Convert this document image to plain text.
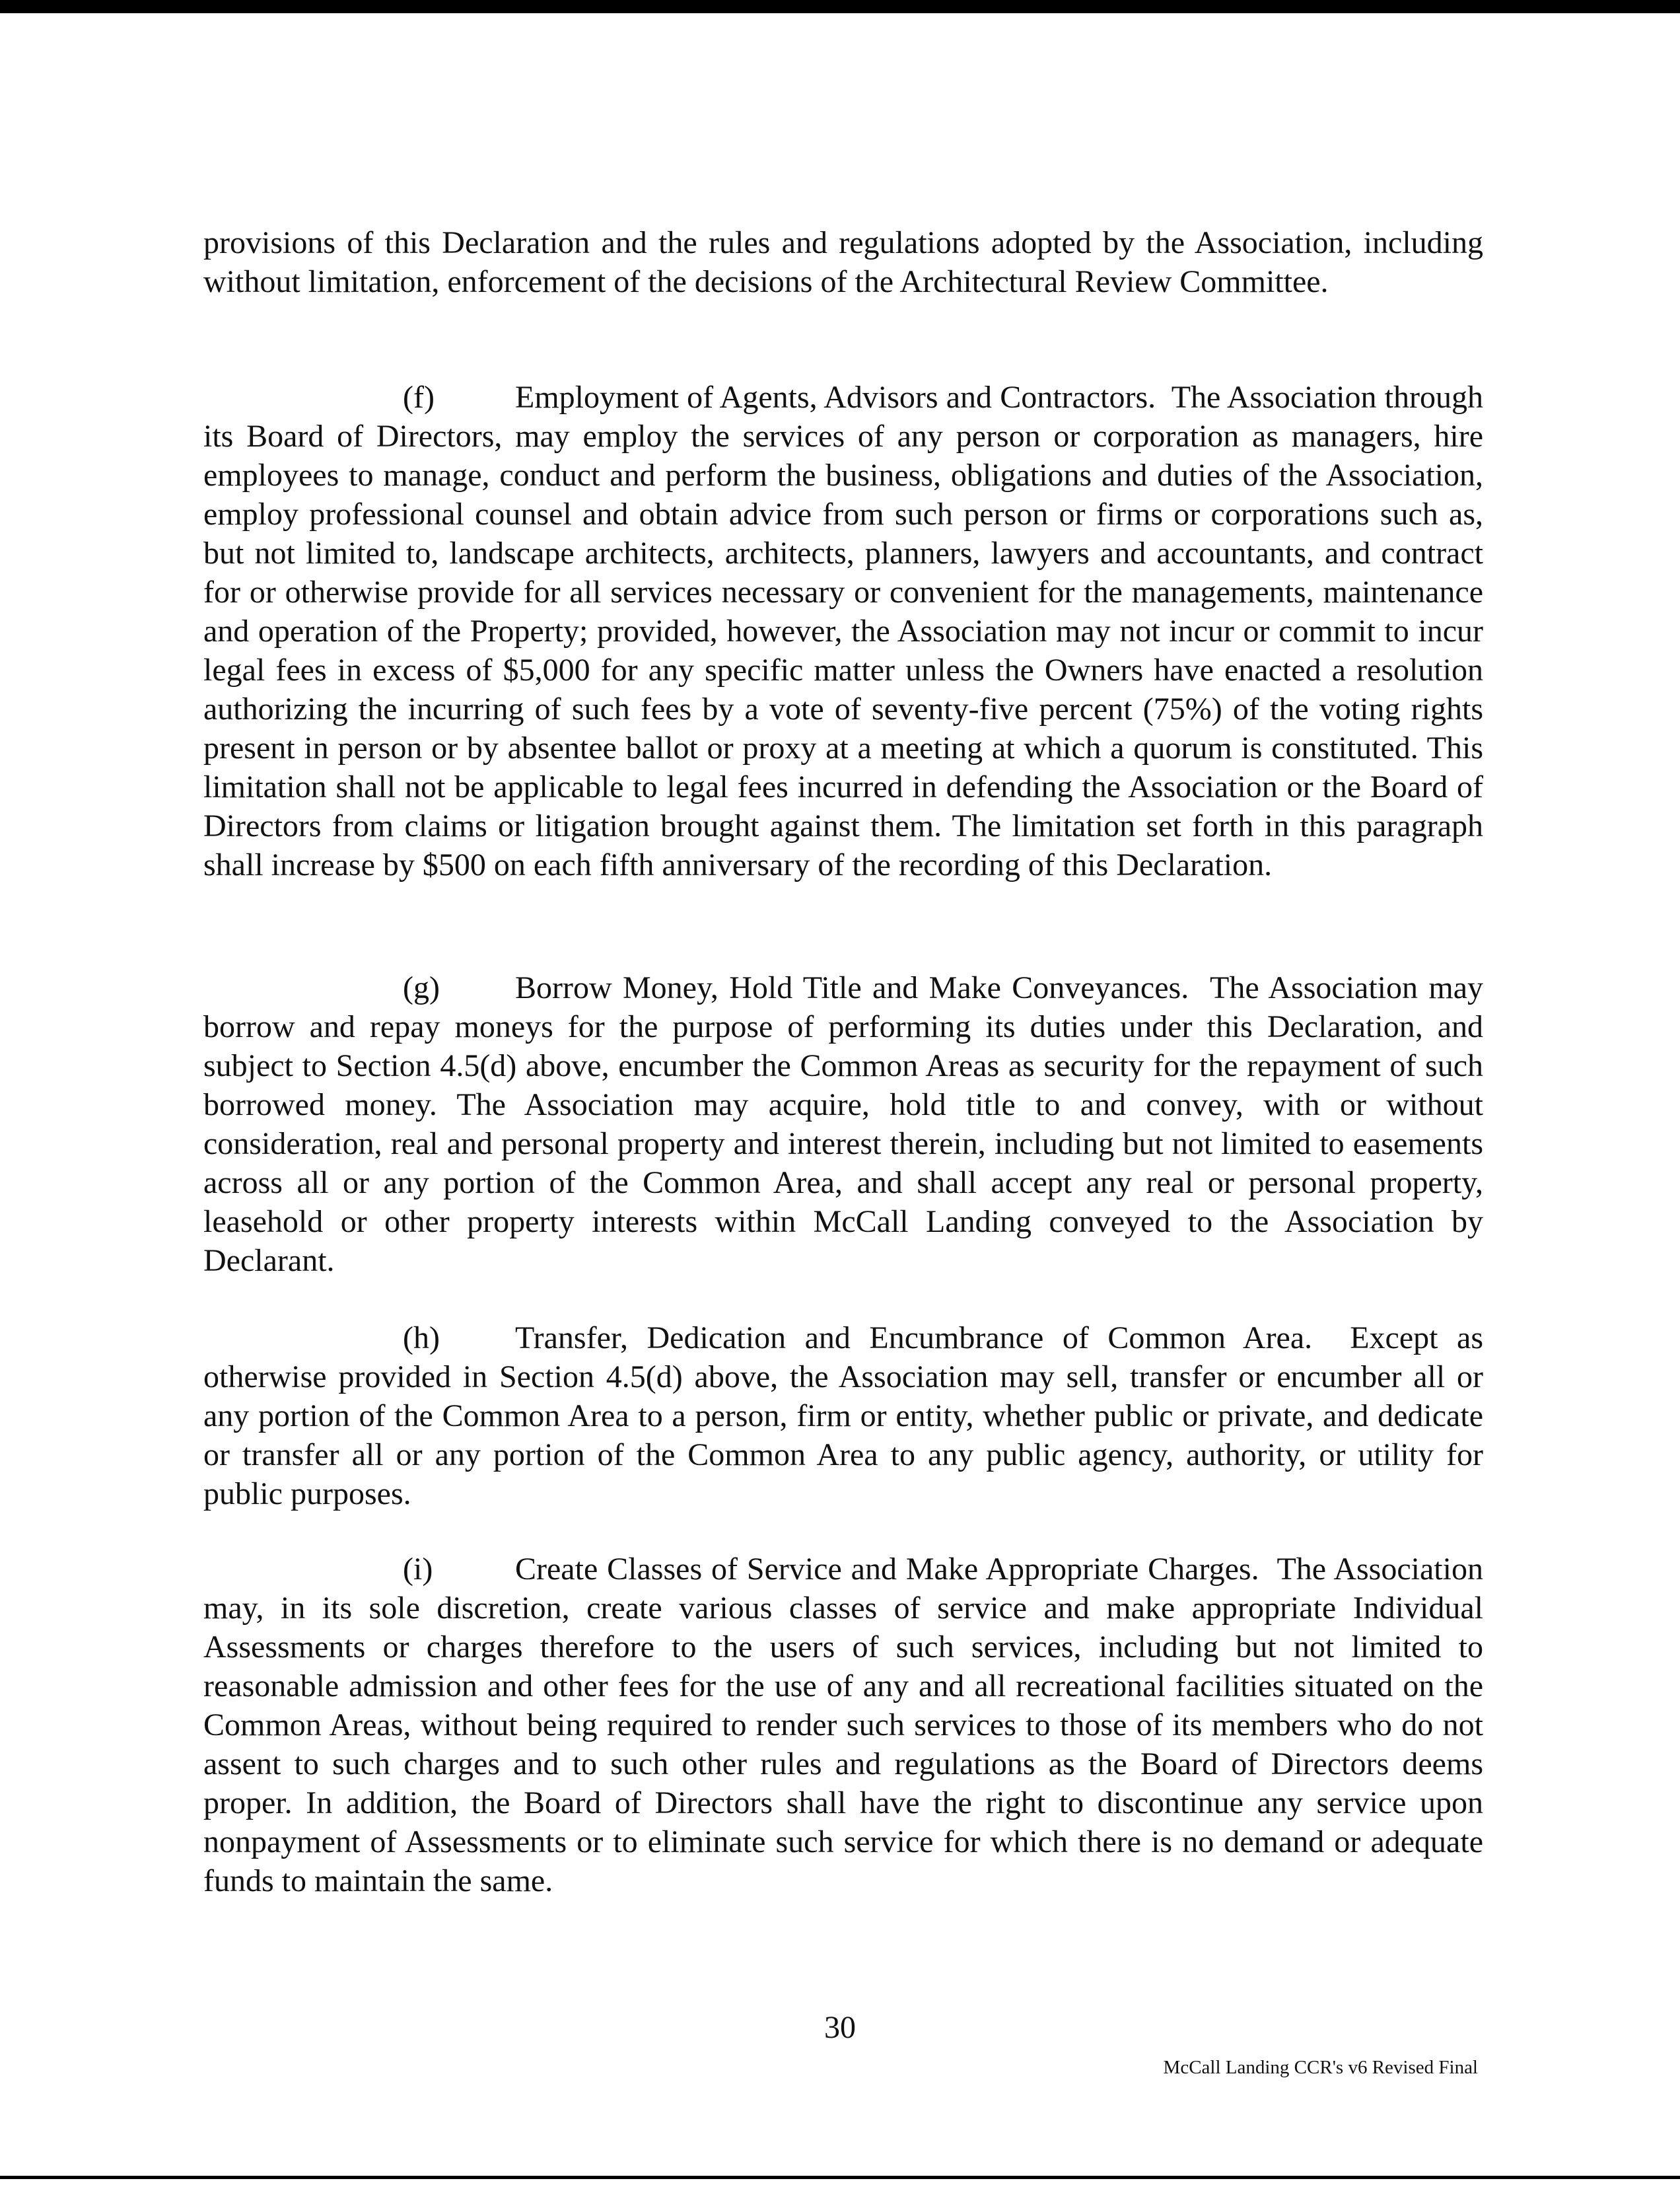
provisions of this Declaration and the rules and regulations adopted by the Association, including without limitation, enforcement of the decisions of the Architectural Review Committee.

(f)	Employment of Agents, Advisors and Contractors. The Association through its Board of Directors, may employ the services of any person or corporation as managers, hire employees to manage, conduct and perform the business, obligations and duties of the Association, employ professional counsel and obtain advice from such person or firms or corporations such as, but not limited to, landscape architects, architects, planners, lawyers and accountants, and contract for or otherwise provide for all services necessary or convenient for the managements, maintenance and operation of the Property; provided, however, the Association may not incur or commit to incur legal fees in excess of $5,000 for any specific matter unless the Owners have enacted a resolution authorizing the incurring of such fees by a vote of seventy-five percent (75%) of the voting rights present in person or by absentee ballot or proxy at a meeting at which a quorum is constituted. This limitation shall not be applicable to legal fees incurred in defending the Association or the Board of Directors from claims or litigation brought against them. The limitation set forth in this paragraph shall increase by $500 on each fifth anniversary of the recording of this Declaration.

(g) Borrow Money, Hold Title and Make Conveyances. The Association may borrow and repay moneys for the purpose of performing its duties under this Declaration, and subject to Section 4.5(d) above, encumber the Common Areas as security for the repayment of such borrowed money. The Association may acquire, hold title to and convey, with or without consideration, real and personal property and interest therein, including but not limited to easements across all or any portion of the Common Area, and shall accept any real or personal property, leasehold or other property interests within McCall Landing conveyed to the Association by Declarant.

(h) Transfer, Dedication and Encumbrance of Common Area. Except as otherwise provided in Section 4.5(d) above, the Association may sell, transfer or encumber all or any portion of the Common Area to a person, firm or entity, whether public or private, and dedicate or transfer all or any portion of the Common Area to any public agency, authority, or utility for public purposes.

(i)	Create Classes of Service and Make Appropriate Charges. The Association may, in its sole discretion, create various classes of service and make appropriate Individual Assessments or charges therefore to the users of such services, including but not limited to reasonable admission and other fees for the use of any and all recreational facilities situated on the Common Areas, without being required to render such services to those of its members who do not assent to such charges and to such other rules and regulations as the Board of Directors deems proper. In addition, the Board of Directors shall have the right to discontinue any service upon nonpayment of Assessments or to eliminate such service for which there is no demand or adequate funds to maintain the same.

30
McCall Landing CCR's v6 Revised Final
